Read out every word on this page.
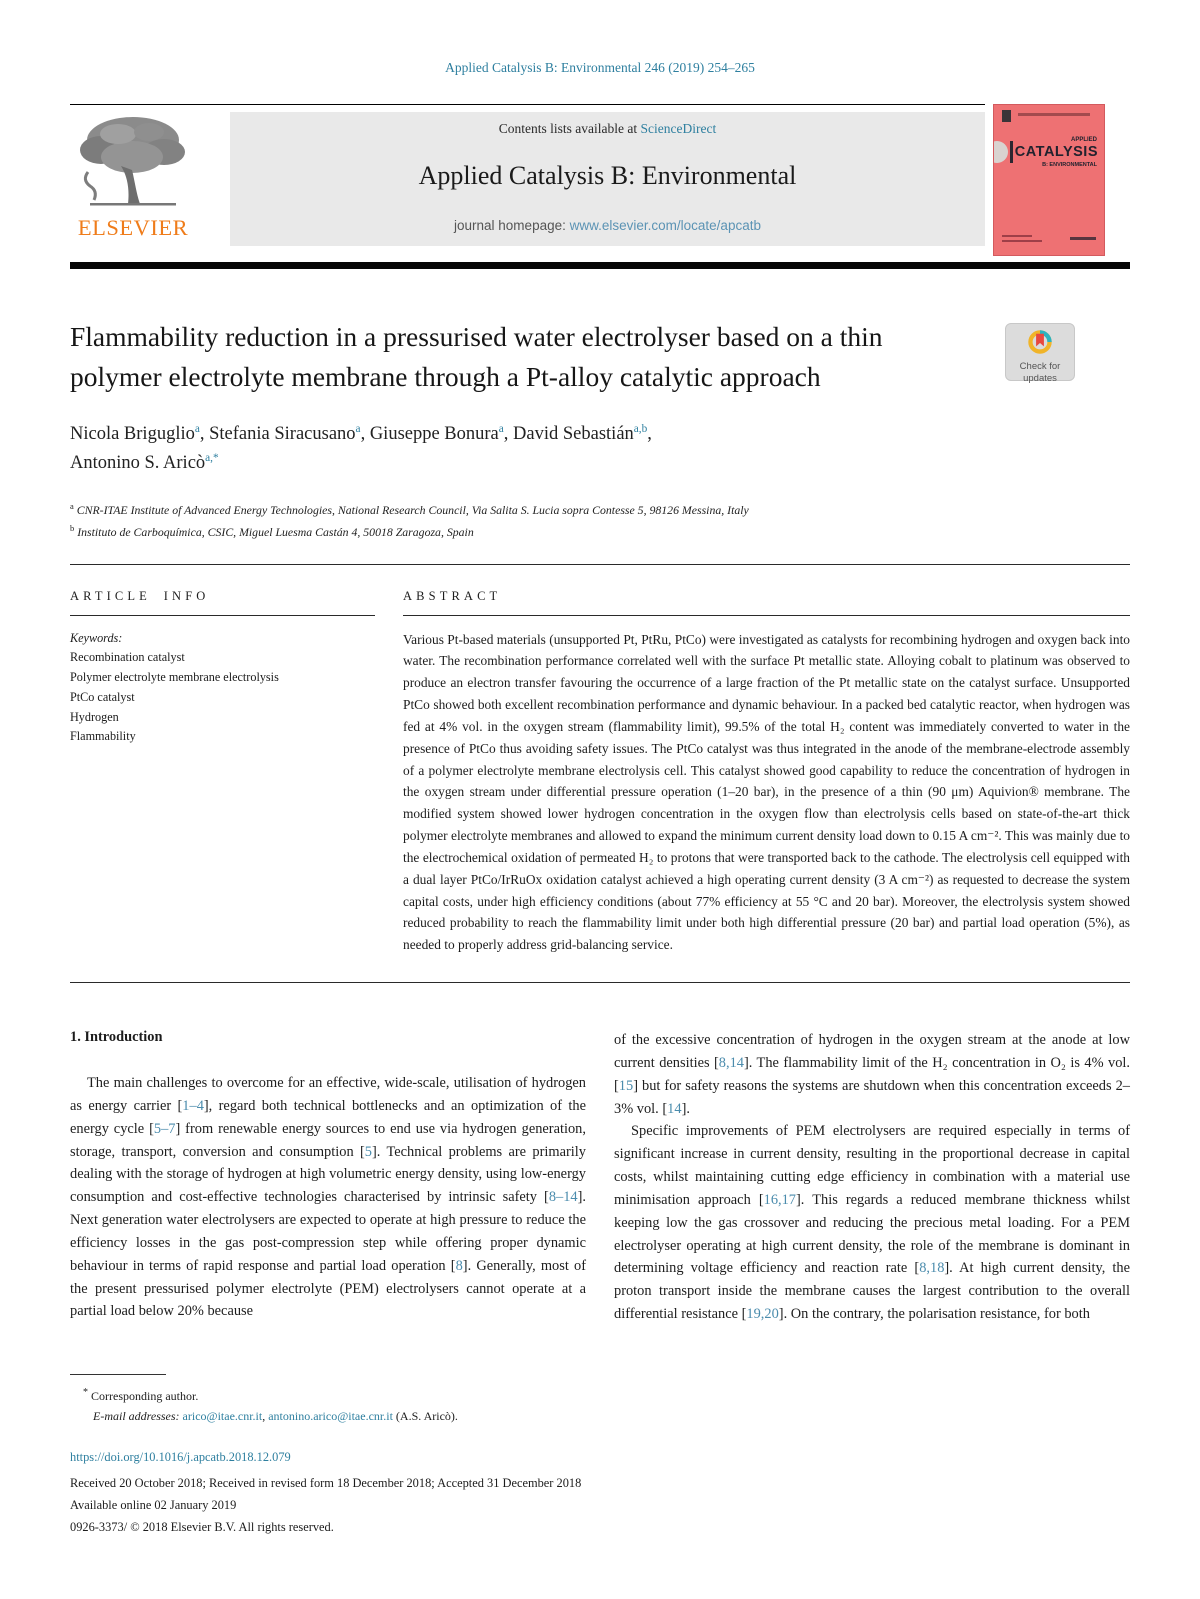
Applied Catalysis B: Environmental 246 (2019) 254–265
ELSEVIER
Contents lists available at ScienceDirect
Applied Catalysis B: Environmental
journal homepage: www.elsevier.com/locate/apcatb
APPLIED
CATALYSIS
B: ENVIRONMENTAL
Flammability reduction in a pressurised water electrolyser based on a thin polymer electrolyte membrane through a Pt-alloy catalytic approach	Check for updates
Nicola Briguglio$^a$, Stefania Siracusano$^a$, Giuseppe Bonura$^a$, David Sebastián$^{a,b}$,
Antonino S. Aricò$^{a,*}$
$^a$ CNR-ITAE Institute of Advanced Energy Technologies, National Research Council, Via Salita S. Lucia sopra Contesse 5, 98126 Messina, Italy
$^b$ Instituto de Carboquímica, CSIC, Miguel Luesma Castán 4, 50018 Zaragoza, Spain
ARTICLE INFO
Keywords:
Recombination catalyst
Polymer electrolyte membrane electrolysis
PtCo catalyst
Hydrogen
Flammability
ABSTRACT

Various Pt-based materials (unsupported Pt, PtRu, PtCo) were investigated as catalysts for recombining hydrogen and oxygen back into water. The recombination performance correlated well with the surface Pt metallic state. Alloying cobalt to platinum was observed to produce an electron transfer favouring the occurrence of a large fraction of the Pt metallic state on the catalyst surface. Unsupported PtCo showed both excellent recombination performance and dynamic behaviour. In a packed bed catalytic reactor, when hydrogen was fed at 4% vol. in the oxygen stream (flammability limit), 99.5% of the total H₂ content was immediately converted to water in the presence of PtCo thus avoiding safety issues. The PtCo catalyst was thus integrated in the anode of the membrane-electrode assembly of a polymer electrolyte membrane electrolysis cell. This catalyst showed good capability to reduce the concentration of hydrogen in the oxygen stream under differential pressure operation (1–20 bar), in the presence of a thin (90 μm) Aquivion® membrane. The modified system showed lower hydrogen concentration in the oxygen flow than electrolysis cells based on state-of-the-art thick polymer electrolyte membranes and allowed to expand the minimum current density load down to 0.15 A cm⁻². This was mainly due to the electrochemical oxidation of permeated H₂ to protons that were transported back to the cathode. The electrolysis cell equipped with a dual layer PtCo/IrRuOx oxidation catalyst achieved a high operating current density (3 A cm⁻²) as requested to decrease the system capital costs, under high efficiency conditions (about 77% efficiency at 55 °C and 20 bar). Moreover, the electrolysis system showed reduced probability to reach the flammability limit under both high differential pressure (20 bar) and partial load operation (5%), as needed to properly address grid-balancing service.

1. Introduction

The main challenges to overcome for an effective, wide-scale, utilisation of hydrogen as energy carrier [1–4], regard both technical bottlenecks and an optimization of the energy cycle [5–7] from renewable energy sources to end use via hydrogen generation, storage, transport, conversion and consumption [5]. Technical problems are primarily dealing with the storage of hydrogen at high volumetric energy density, using low-energy consumption and cost-effective technologies characterised by intrinsic safety [8–14]. Next generation water electrolysers are expected to operate at high pressure to reduce the efficiency losses in the gas post-compression step while offering proper dynamic behaviour in terms of rapid response and partial load operation [8]. Generally, most of the present pressurised polymer electrolyte (PEM) electrolysers cannot operate at a partial load below 20% because

of the excessive concentration of hydrogen in the oxygen stream at the anode at low current densities [8,14]. The flammability limit of the H₂ concentration in O₂ is 4% vol. [15] but for safety reasons the systems are shutdown when this concentration exceeds 2–3% vol. [14].

Specific improvements of PEM electrolysers are required especially in terms of significant increase in current density, resulting in the proportional decrease in capital costs, whilst maintaining cutting edge efficiency in combination with a material use minimisation approach [16,17]. This regards a reduced membrane thickness whilst keeping low the gas crossover and reducing the precious metal loading. For a PEM electrolyser operating at high current density, the role of the membrane is dominant in determining voltage efficiency and reaction rate [8,18]. At high current density, the proton transport inside the membrane causes the largest contribution to the overall differential resistance [19,20]. On the contrary, the polarisation resistance, for both

* Corresponding author.
E-mail addresses: arico@itae.cnr.it, antonino.arico@itae.cnr.it (A.S. Aricò).
https://doi.org/10.1016/j.apcatb.2018.12.079
Received 20 October 2018; Received in revised form 18 December 2018; Accepted 31 December 2018
Available online 02 January 2019
0926-3373/ © 2018 Elsevier B.V. All rights reserved.
